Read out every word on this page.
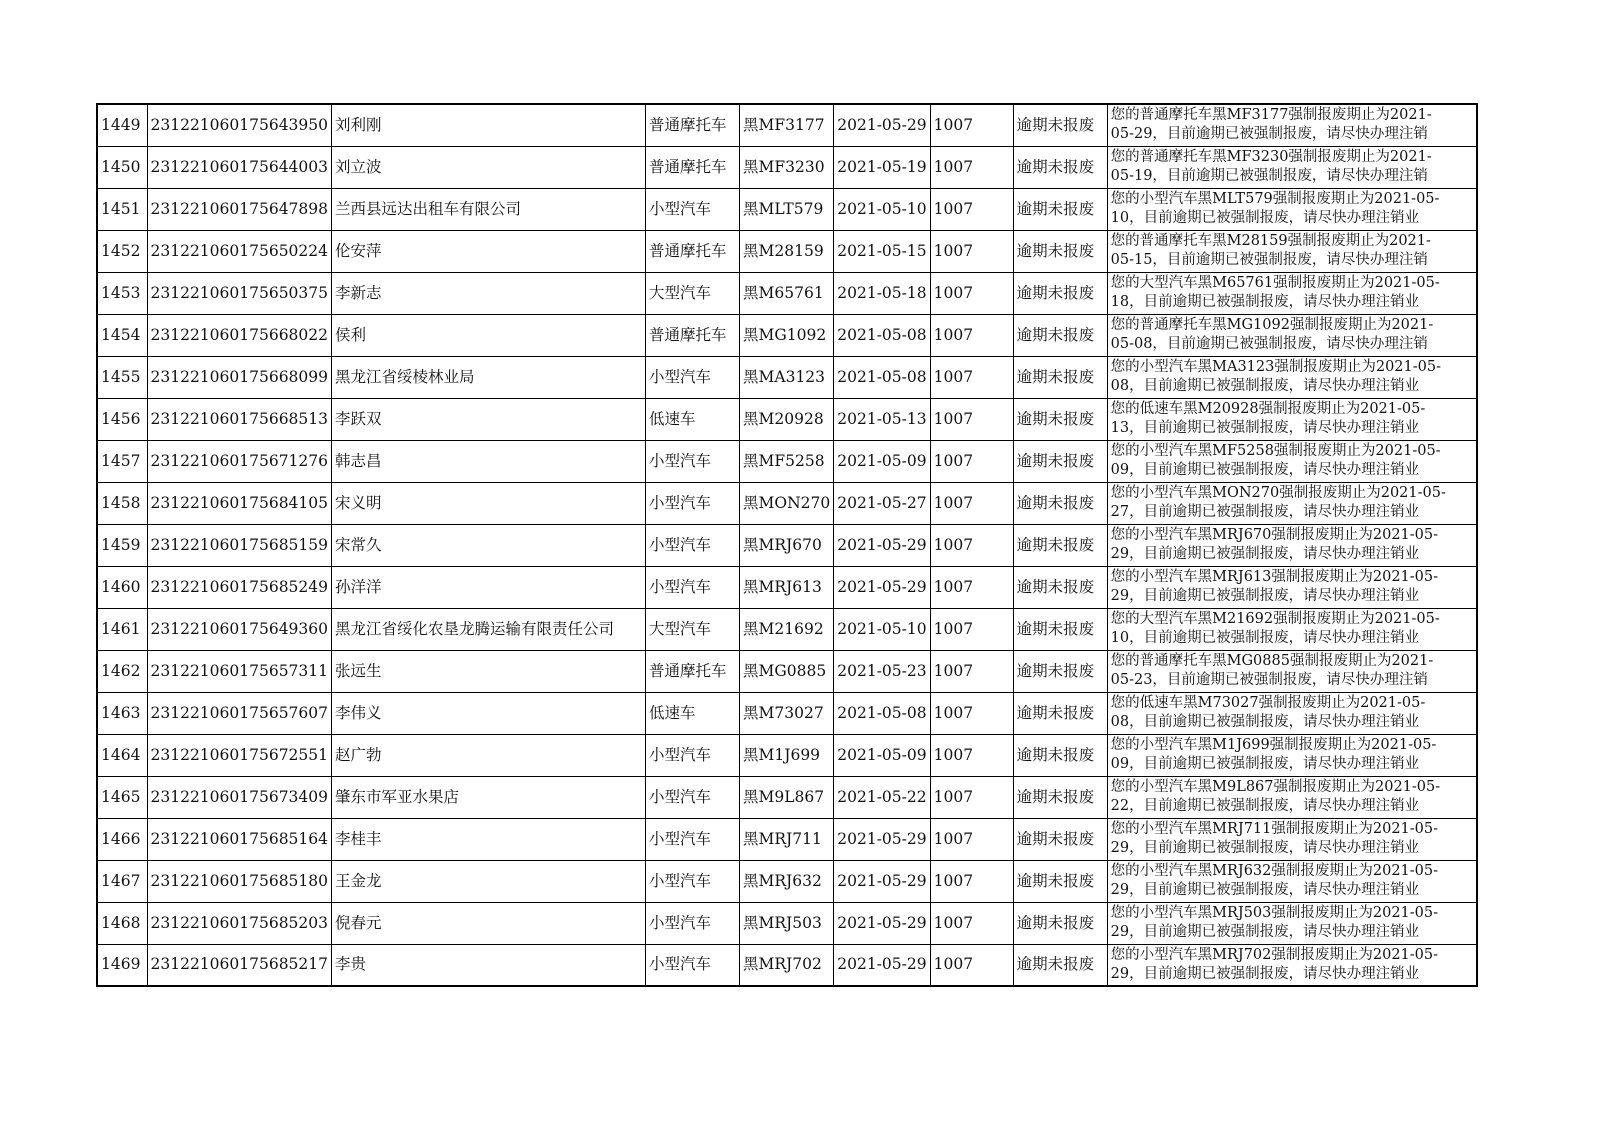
1449	231221060175643950	刘利刚	普通摩托车	黑MF3177	2021-05-29	1007	逾期未报废	您的普通摩托车黑MF3177强制报废期止为2021-
05-29，目前逾期已被强制报废，请尽快办理注销

1450	231221060175644003	刘立波	普通摩托车	黑MF3230	2021-05-19	1007	逾期未报废	您的普通摩托车黑MF3230强制报废期止为2021-
05-19，目前逾期已被强制报废，请尽快办理注销

1451	231221060175647898	兰西县远达出租车有限公司	小型汽车	黑MLT579	2021-05-10	1007	逾期未报废	您的小型汽车黑MLT579强制报废期止为2021-05-
10，目前逾期已被强制报废，请尽快办理注销业

1452	231221060175650224	伦安萍	普通摩托车	黑M28159	2021-05-15	1007	逾期未报废	您的普通摩托车黑M28159强制报废期止为2021-
05-15，目前逾期已被强制报废，请尽快办理注销

1453	231221060175650375	李新志	大型汽车	黑M65761	2021-05-18	1007	逾期未报废	您的大型汽车黑M65761强制报废期止为2021-05-
18，目前逾期已被强制报废，请尽快办理注销业

1454	231221060175668022	侯利	普通摩托车	黑MG1092	2021-05-08	1007	逾期未报废	您的普通摩托车黑MG1092强制报废期止为2021-
05-08，目前逾期已被强制报废，请尽快办理注销

1455	231221060175668099	黑龙江省绥棱林业局	小型汽车	黑MA3123	2021-05-08	1007	逾期未报废	您的小型汽车黑MA3123强制报废期止为2021-05-
08，目前逾期已被强制报废，请尽快办理注销业

1456	231221060175668513	李跃双	低速车	黑M20928	2021-05-13	1007	逾期未报废	您的低速车黑M20928强制报废期止为2021-05-
13，目前逾期已被强制报废，请尽快办理注销业

1457	231221060175671276	韩志昌	小型汽车	黑MF5258	2021-05-09	1007	逾期未报废	您的小型汽车黑MF5258强制报废期止为2021-05-
09，目前逾期已被强制报废，请尽快办理注销业

1458	231221060175684105	宋义明	小型汽车	黑MON270	2021-05-27	1007	逾期未报废	您的小型汽车黑MON270强制报废期止为2021-05-
27，目前逾期已被强制报废，请尽快办理注销业

1459	231221060175685159	宋常久	小型汽车	黑MRJ670	2021-05-29	1007	逾期未报废	您的小型汽车黑MRJ670强制报废期止为2021-05-
29，目前逾期已被强制报废，请尽快办理注销业

1460	231221060175685249	孙洋洋	小型汽车	黑MRJ613	2021-05-29	1007	逾期未报废	您的小型汽车黑MRJ613强制报废期止为2021-05-
29，目前逾期已被强制报废，请尽快办理注销业

1461	231221060175649360	黑龙江省绥化农垦龙腾运输有限责任公司	大型汽车	黑M21692	2021-05-10	1007	逾期未报废	您的大型汽车黑M21692强制报废期止为2021-05-
10，目前逾期已被强制报废，请尽快办理注销业

1462	231221060175657311	张远生	普通摩托车	黑MG0885	2021-05-23	1007	逾期未报废	您的普通摩托车黑MG0885强制报废期止为2021-
05-23，目前逾期已被强制报废，请尽快办理注销

1463	231221060175657607	李伟义	低速车	黑M73027	2021-05-08	1007	逾期未报废	您的低速车黑M73027强制报废期止为2021-05-
08，目前逾期已被强制报废，请尽快办理注销业

1464	231221060175672551	赵广勃	小型汽车	黑M1J699	2021-05-09	1007	逾期未报废	您的小型汽车黑M1J699强制报废期止为2021-05-
09，目前逾期已被强制报废，请尽快办理注销业

1465	231221060175673409	肇东市军亚水果店	小型汽车	黑M9L867	2021-05-22	1007	逾期未报废	您的小型汽车黑M9L867强制报废期止为2021-05-
22，目前逾期已被强制报废，请尽快办理注销业

1466	231221060175685164	李桂丰	小型汽车	黑MRJ711	2021-05-29	1007	逾期未报废	您的小型汽车黑MRJ711强制报废期止为2021-05-
29，目前逾期已被强制报废，请尽快办理注销业

1467	231221060175685180	王金龙	小型汽车	黑MRJ632	2021-05-29	1007	逾期未报废	您的小型汽车黑MRJ632强制报废期止为2021-05-
29，目前逾期已被强制报废，请尽快办理注销业

1468	231221060175685203	倪春元	小型汽车	黑MRJ503	2021-05-29	1007	逾期未报废	您的小型汽车黑MRJ503强制报废期止为2021-05-
29，目前逾期已被强制报废，请尽快办理注销业

1469	231221060175685217	李贵	小型汽车	黑MRJ702	2021-05-29	1007	逾期未报废	您的小型汽车黑MRJ702强制报废期止为2021-05-
29，目前逾期已被强制报废，请尽快办理注销业
